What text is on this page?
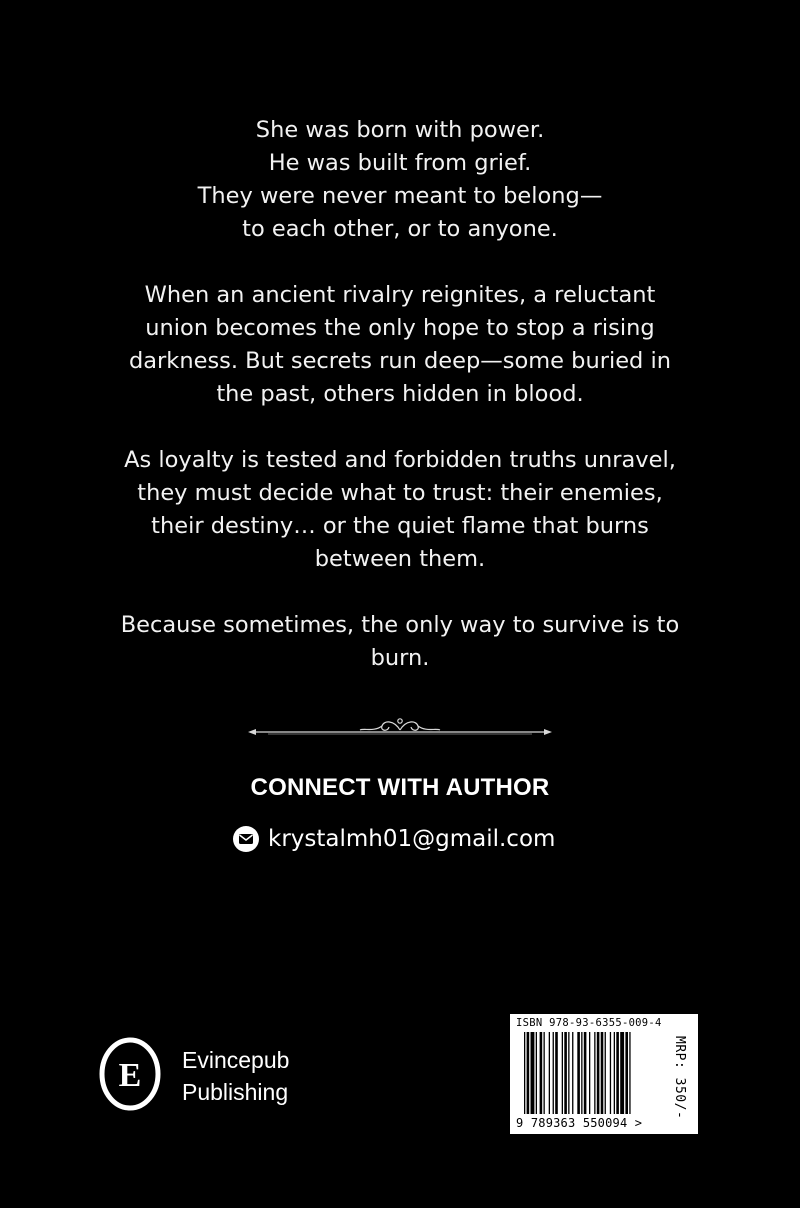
She was born with power.
He was built from grief.
They were never meant to belong—
to each other, or to anyone.

When an ancient rivalry reignites, a reluctant
union becomes the only hope to stop a rising
darkness. But secrets run deep—some buried in
the past, others hidden in blood.

As loyalty is tested and forbidden truths unravel,
they must decide what to trust: their enemies,
their destiny… or the quiet flame that burns
between them.

Because sometimes, the only way to survive is to
burn.

CONNECT WITH AUTHOR
krystalmh01@gmail.com
E Evincepub
Publishing
ISBN 978-93-6355-009-4
9 789363 550094 >
MRP: 350/-
